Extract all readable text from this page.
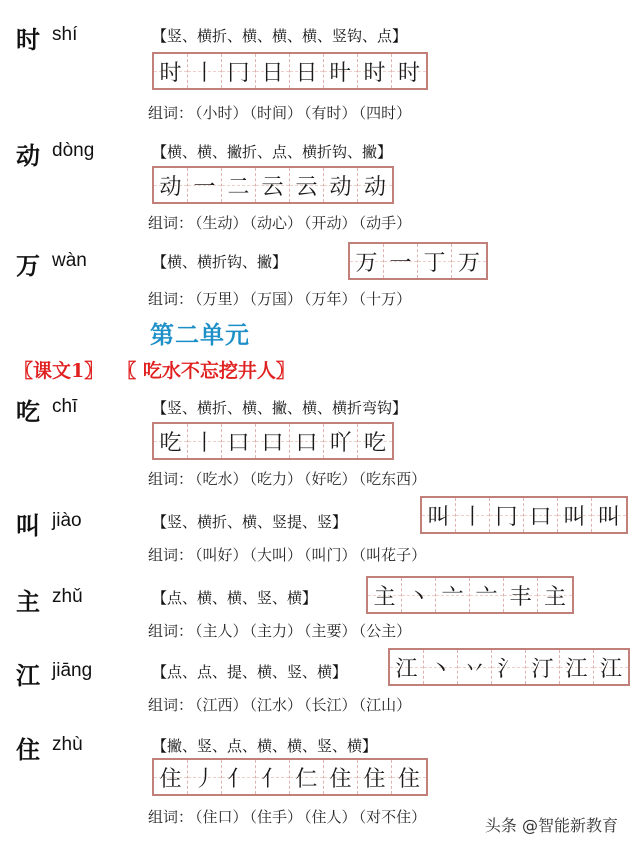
时 shí	【竖、横折、横、横、横、竖钩、点】
时 丨 冂 日 日 旪 时 时
组词： （小时） （时间） （有时） （四时）
动 dòng	【横、横、撇折、点、横折钩、撇】
动 一 二 云 云 动 动
组词： （生动） （动心） （开动） （动手）
万 wàn	【横、横折钩、撇】	万 一 丁 万
组词： （万里） （万国） （万年） （十万）
第二单元
〖课文1〗 〖 吃水不忘挖井人〗
吃 chī	【竖、横折、横、撇、横、横折弯钩】
吃 丨 口 口 口 吖 吃
组词： （吃水） （吃力） （好吃） （吃东西）
叫 jiào	【竖、横折、横、竖提、竖】	叫 丨 冂 口 叫 叫
组词： （叫好） （大叫） （叫门） （叫花子）
主 zhǔ	【点、横、横、竖、横】	主 丶 亠 亠 丰 主
组词： （主人） （主力） （主要） （公主）
江 jiāng	【点、点、提、横、竖、横】 江 丶 丷 氵 汀 江 江
组词： （江西） （江水） （长江） （江山）
住 zhù	【撇、竖、点、横、横、竖、横】
住 丿 亻 亻 仁 住 住 住
组词： （住口） （住手） （住人） （对不住）	头条 @智能新教育
